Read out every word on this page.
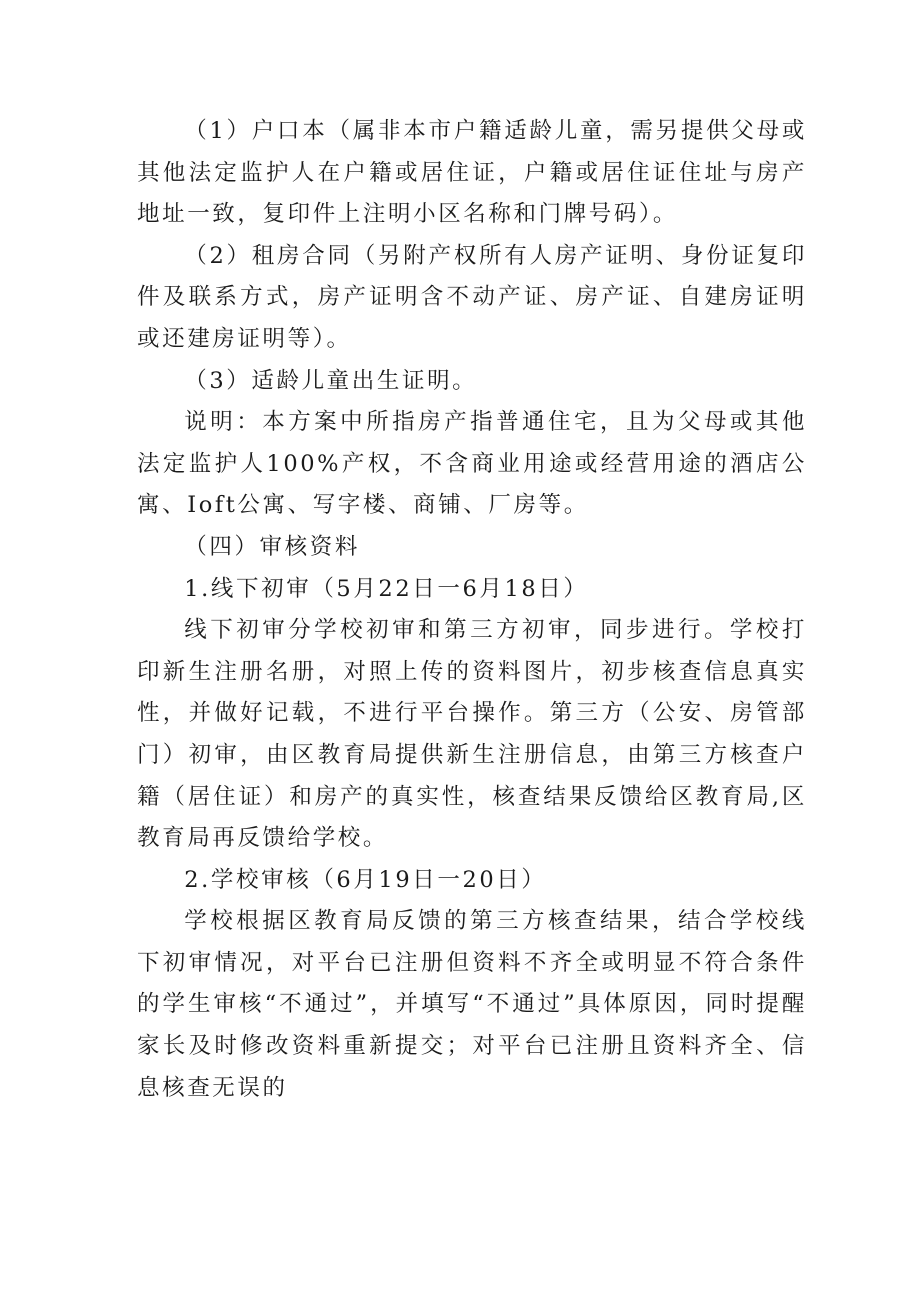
（1）户口本（属非本市户籍适龄儿童，需另提供父母或其他法定监护人在户籍或居住证，户籍或居住证住址与房产地址一致，复印件上注明小区名称和门牌号码）。

（2）租房合同（另附产权所有人房产证明、身份证复印件及联系方式，房产证明含不动产证、房产证、自建房证明或还建房证明等）。

（3）适龄儿童出生证明。

说明：本方案中所指房产指普通住宅，且为父母或其他法定监护人100%产权，不含商业用途或经营用途的酒店公寓、Ioft公寓、写字楼、商铺、厂房等。

（四）审核资料

1.线下初审（5月22日一6月18日）

线下初审分学校初审和第三方初审，同步进行。学校打印新生注册名册，对照上传的资料图片，初步核查信息真实性，并做好记载，不进行平台操作。第三方（公安、房管部门）初审，由区教育局提供新生注册信息，由第三方核查户籍（居住证）和房产的真实性，核查结果反馈给区教育局,区教育局再反馈给学校。

2.学校审核（6月19日一20日）

学校根据区教育局反馈的第三方核查结果，结合学校线下初审情况，对平台已注册但资料不齐全或明显不符合条件的学生审核“不通过”，并填写“不通过”具体原因，同时提醒家长及时修改资料重新提交；对平台已注册且资料齐全、信息核查无误的
